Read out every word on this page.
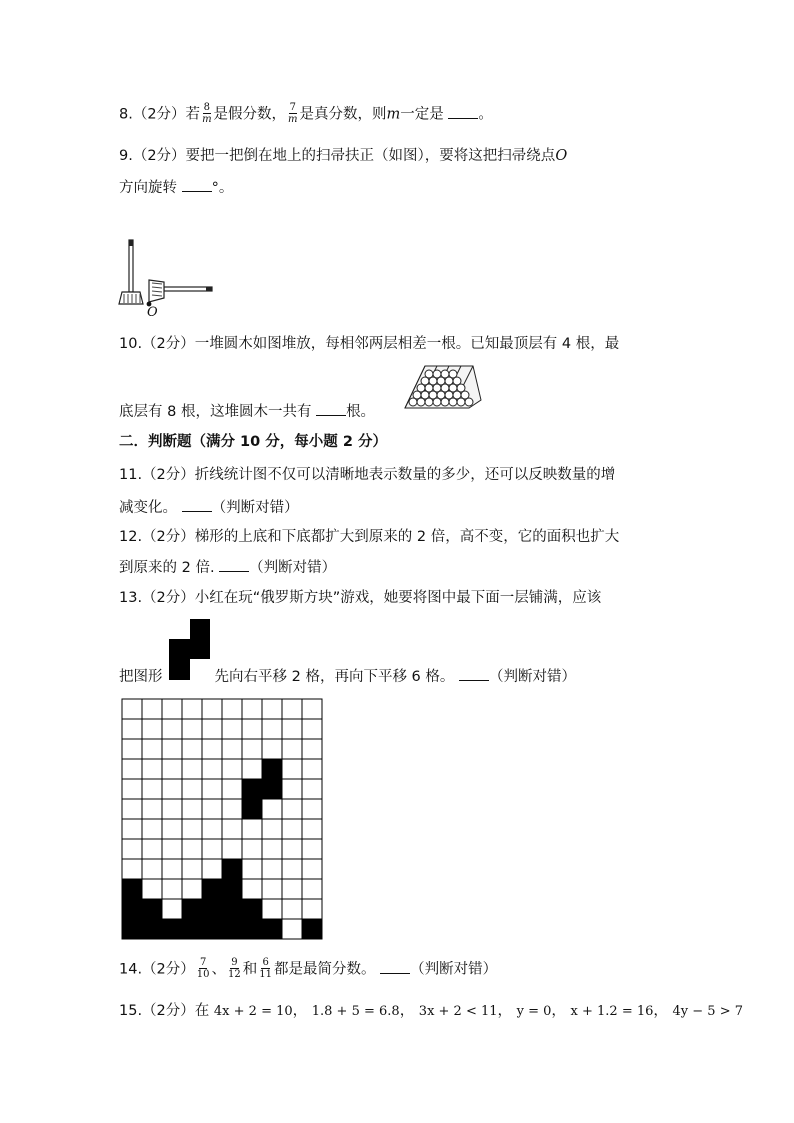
8.（2分）若 $\frac{8}{m}$ 是假分数， $\frac{7}{m}$ 是真分数，则m一定是 。
9.（2分）要把一把倒在地上的扫帚扶正（如图），要将这把扫帚绕点O
方向旋转 °。
O
10.（2分）一堆圆木如图堆放，每相邻两层相差一根。已知最顶层有 4 根，最
底层有 8 根，这堆圆木一共有 根。
二．判断题（满分 10 分，每小题 2 分）
11.（2分）折线统计图不仅可以清晰地表示数量的多少，还可以反映数量的增
减变化。 （判断对错）
12.（2分）梯形的上底和下底都扩大到原来的 2 倍，高不变，它的面积也扩大
到原来的 2 倍. （判断对错）
13.（2分）小红在玩“俄罗斯方块”游戏，她要将图中最下面一层铺满，应该
把图形	先向右平移 2 格，再向下平移 6 格。 （判断对错）
14.（2分） $\frac{7}{10}$ 、 $\frac{9}{12}$ 和 $\frac{6}{11}$ 都是最简分数。 （判断对错）
15.（2分）在 4x + 2 = 10， 1.8 + 5 = 6.8， 3x + 2 < 11， y = 0， x + 1.2 = 16， 4y − 5 > 7
